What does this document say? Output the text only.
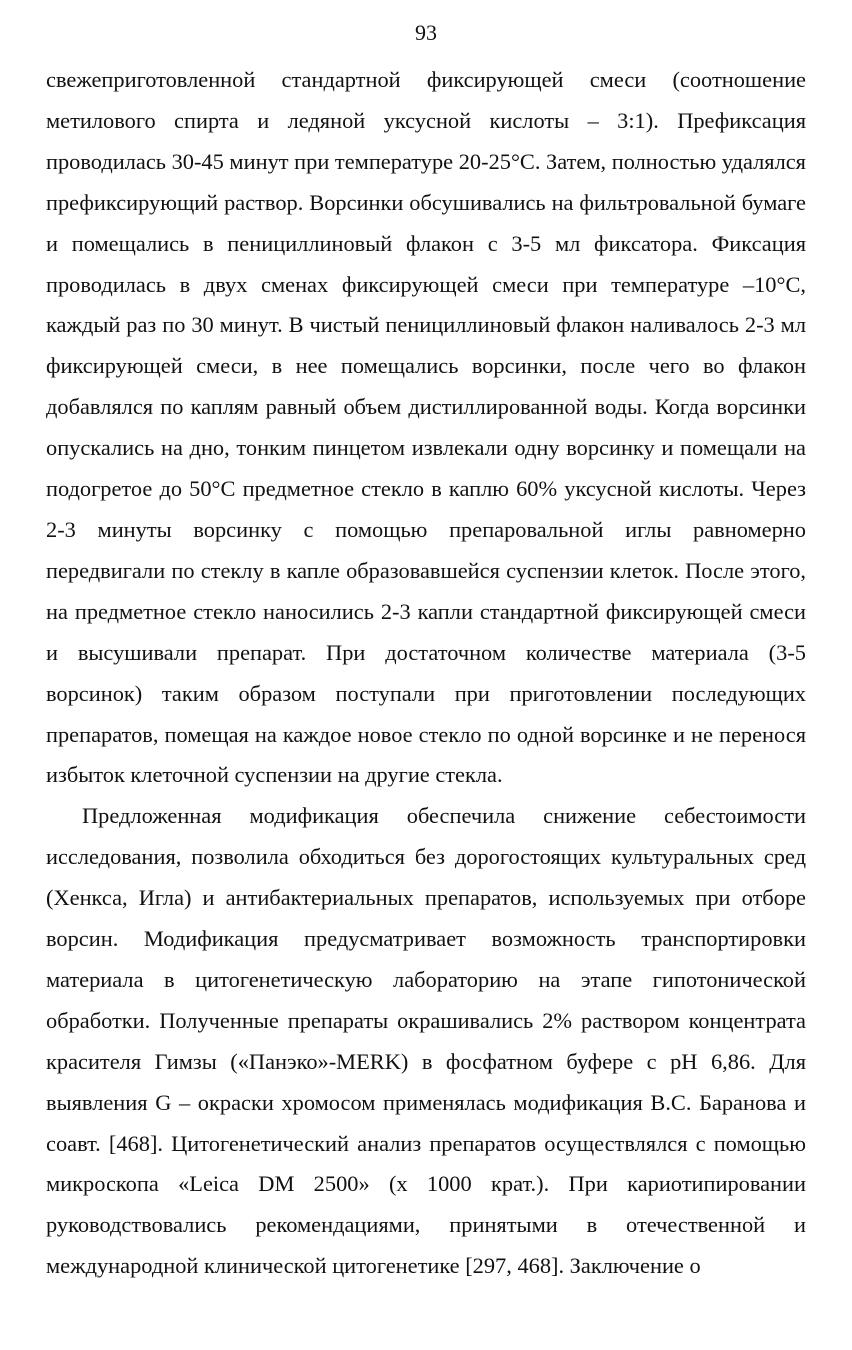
93

свежеприготовленной стандартной фиксирующей смеси (соотношение метилового спирта и ледяной уксусной кислоты – 3:1). Префиксация проводилась 30-45 минут при температуре 20-25°С. Затем, полностью удалялся префиксирующий раствор. Ворсинки обсушивались на фильтровальной бумаге и помещались в пенициллиновый флакон с 3-5 мл фиксатора. Фиксация проводилась в двух сменах фиксирующей смеси при температуре –10°С, каждый раз по 30 минут. В чистый пенициллиновый флакон наливалось 2-3 мл фиксирующей смеси, в нее помещались ворсинки, после чего во флакон добавлялся по каплям равный объем дистиллированной воды. Когда ворсинки опускались на дно, тонким пинцетом извлекали одну ворсинку и помещали на подогретое до 50°С предметное стекло в каплю 60% уксусной кислоты. Через 2-3 минуты ворсинку с помощью препаровальной иглы равномерно передвигали по стеклу в капле образовавшейся суспензии клеток. После этого, на предметное стекло наносились 2-3 капли стандартной фиксирующей смеси и высушивали препарат. При достаточном количестве материала (3-5 ворсинок) таким образом поступали при приготовлении последующих препаратов, помещая на каждое новое стекло по одной ворсинке и не перенося избыток клеточной суспензии на другие стекла.

Предложенная модификация обеспечила снижение себестоимости исследования, позволила обходиться без дорогостоящих культуральных сред (Хенкса, Игла) и антибактериальных препаратов, используемых при отборе ворсин. Модификация предусматривает возможность транспортировки материала в цитогенетическую лабораторию на этапе гипотонической обработки. Полученные препараты окрашивались 2% раствором концентрата красителя Гимзы («Панэко»-MERK) в фосфатном буфере с рН 6,86. Для выявления G – окраски хромосом применялась модификация В.С. Баранова и соавт. [468]. Цитогенетический анализ препаратов осуществлялся с помощью микроскопа «Leica DM 2500» (х 1000 крат.). При кариотипировании руководствовались рекомендациями, принятыми в отечественной и международной клинической цитогенетике [297, 468]. Заключение о
